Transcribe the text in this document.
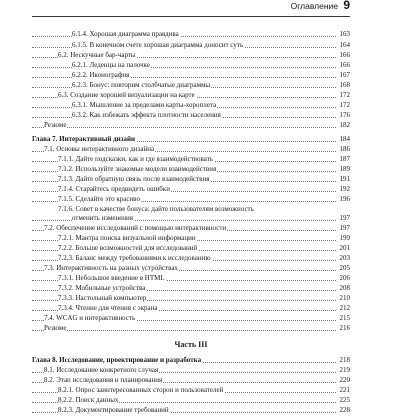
Оглавление 9
6.1.4. Хорошая диаграмма правдива	163
6.1.5. В конечном счете хорошая диаграмма доносит суть	164
6.2. Нескучные бар-чарты	166
6.2.1. Леденцы на палочке	166
6.2.2. Иконография	167
6.2.3. Бонус: повторим столбчатые диаграммы	168
6.3. Создание хорошей визуализации на карте	172
6.3.1. Мышление за пределами карты-хороплета	172
6.3.2. Как избежать эффекта плотности населения	176
Резюме	182
Глава 7. Интерактивный дизайн	184
7.1. Основы интерактивного дизайна	186
7.1.1. Дайте подсказки, как и где взаимодействовать	187
7.1.2. Используйте знакомые модели взаимодействия	189
7.1.3. Дайте обратную связь после взаимодействия	191
7.1.4. Старайтесь предвидеть ошибки	192
7.1.5. Сделайте это красиво	196
7.1.6. Совет в качестве бонуса: дайте пользователям возможность
отменить изменения	197
7.2. Обеспечение исследований с помощью интерактивности	197
7.2.1. Мантра поиска визуальной информации	199
7.2.2. Больше возможностей для исследований	201
7.2.3. Баланс между требованиями к исследованию	203
7.3. Интерактивность на разных устройствах	205
7.3.1. Небольшое введение в HTML	206
7.3.2. Мобильные устройства	208
7.3.3. Настольный компьютер	210
7.3.4. Чтение для чтения с экрана	212
7.4. WCAG и интерактивность	215
Резюме	216
Глава 8. Исследование, проектирование и разработка	218
8.1. Исследование конкретного случая	219
8.2. Этап исследования и планирования	220
8.2.1. Опрос заинтересованных сторон и пользователей	221
8.2.2. Поиск данных	225
8.2.3. Документирование требований	228
Часть III
